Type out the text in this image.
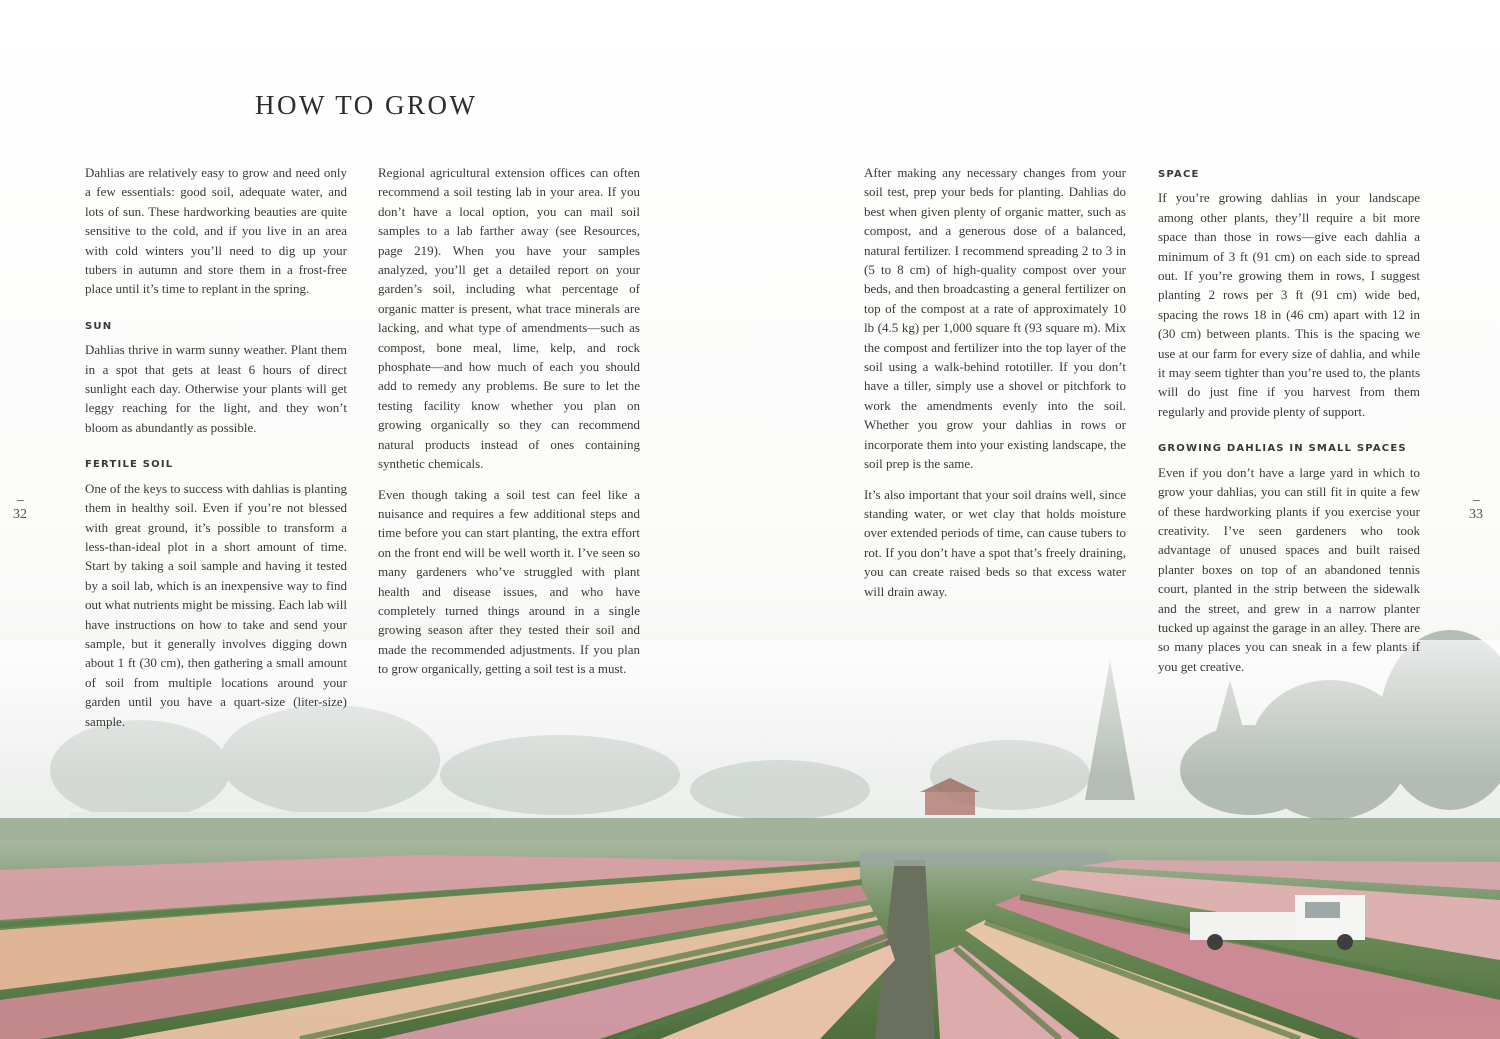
HOW TO GROW

Dahlias are relatively easy to grow and need only a few essentials: good soil, adequate water, and lots of sun. These hardworking beauties are quite sensitive to the cold, and if you live in an area with cold winters you’ll need to dig up your tubers in autumn and store them in a frost-free place until it’s time to replant in the spring.

SUN

Dahlias thrive in warm sunny weather. Plant them in a spot that gets at least 6 hours of direct sunlight each day. Otherwise your plants will get leggy reaching for the light, and they won’t bloom as abundantly as possible.

FERTILE SOIL

One of the keys to success with dahlias is planting them in healthy soil. Even if you’re not blessed with great ground, it’s possible to transform a less-than-ideal plot in a short amount of time. Start by taking a soil sample and having it tested by a soil lab, which is an inexpensive way to find out what nutrients might be missing. Each lab will have instructions on how to take and send your sample, but it generally involves digging down about 1 ft (30 cm), then gathering a small amount of soil from multiple locations around your garden until you have a quart-size (liter-size) sample.

Regional agricultural extension offices can often recommend a soil testing lab in your area. If you don’t have a local option, you can mail soil samples to a lab farther away (see Resources, page 219). When you have your samples analyzed, you’ll get a detailed report on your garden’s soil, including what percentage of organic matter is present, what trace minerals are lacking, and what type of amendments—such as compost, bone meal, lime, kelp, and rock phosphate—and how much of each you should add to remedy any problems. Be sure to let the testing facility know whether you plan on growing organically so they can recommend natural products instead of ones containing synthetic chemicals.

Even though taking a soil test can feel like a nuisance and requires a few additional steps and time before you can start planting, the extra effort on the front end will be well worth it. I’ve seen so many gardeners who’ve struggled with plant health and disease issues, and who have completely turned things around in a single growing season after they tested their soil and made the recommended adjustments. If you plan to grow organically, getting a soil test is a must.

After making any necessary changes from your soil test, prep your beds for planting. Dahlias do best when given plenty of organic matter, such as compost, and a generous dose of a balanced, natural fertilizer. I recommend spreading 2 to 3 in (5 to 8 cm) of high-quality compost over your beds, and then broadcasting a general fertilizer on top of the compost at a rate of approximately 10 lb (4.5 kg) per 1,000 square ft (93 square m). Mix the compost and fertilizer into the top layer of the soil using a walk-behind rototiller. If you don’t have a tiller, simply use a shovel or pitchfork to work the amendments evenly into the soil. Whether you grow your dahlias in rows or incorporate them into your existing landscape, the soil prep is the same.

It’s also important that your soil drains well, since standing water, or wet clay that holds moisture over extended periods of time, can cause tubers to rot. If you don’t have a spot that’s freely draining, you can create raised beds so that excess water will drain away.

SPACE

If you’re growing dahlias in your landscape among other plants, they’ll require a bit more space than those in rows—give each dahlia a minimum of 3 ft (91 cm) on each side to spread out. If you’re growing them in rows, I suggest planting 2 rows per 3 ft (91 cm) wide bed, spacing the rows 18 in (46 cm) apart with 12 in (30 cm) between plants. This is the spacing we use at our farm for every size of dahlia, and while it may seem tighter than you’re used to, the plants will do just fine if you harvest from them regularly and provide plenty of support.

GROWING DAHLIAS IN SMALL SPACES

Even if you don’t have a large yard in which to grow your dahlias, you can still fit in quite a few of these hardworking plants if you exercise your creativity. I’ve seen gardeners who took advantage of unused spaces and built raised planter boxes on top of an abandoned tennis court, planted in the strip between the sidewalk and the street, and grew in a narrow planter tucked up against the garage in an alley. There are so many places you can sneak in a few plants if you get creative.

32	33
